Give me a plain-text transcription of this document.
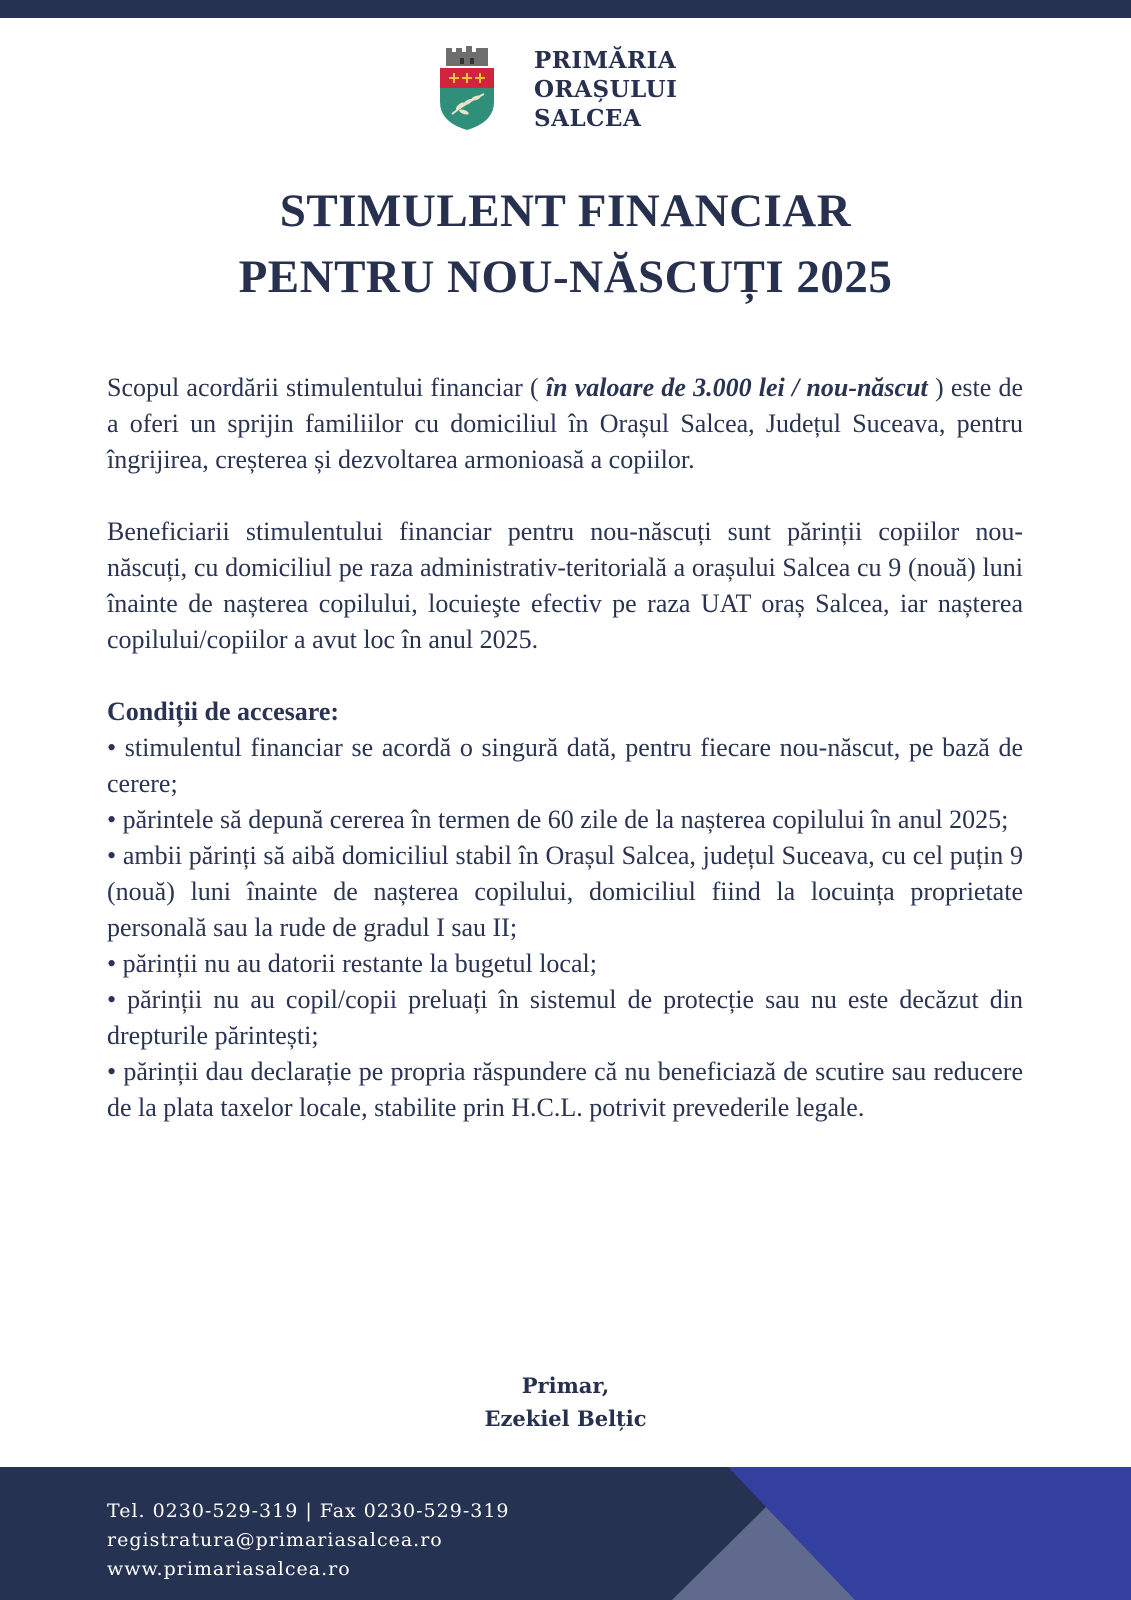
PRIMĂRIA
ORAȘULUI
SALCEA
STIMULENT FINANCIAR
PENTRU NOU-NĂSCUȚI 2025

Scopul acordării stimulentului financiar ( în valoare de 3.000 lei / nou-născut ) este de a oferi un sprijin familiilor cu domiciliul în Orașul Salcea, Județul Suceava, pentru îngrijirea, creșterea și dezvoltarea armonioasă a copiilor.

Beneficiarii stimulentului financiar pentru nou-născuți sunt părinții copiilor nou-născuți, cu domiciliul pe raza administrativ-teritorială a orașului Salcea cu 9 (nouă) luni înainte de nașterea copilului, locuieşte efectiv pe raza UAT oraș Salcea, iar nașterea copilului/copiilor a avut loc în anul 2025.

Condiții de accesare:

• stimulentul financiar se acordă o singură dată, pentru fiecare nou-născut, pe bază de cerere;

• părintele să depună cererea în termen de 60 zile de la nașterea copilului în anul 2025;

• ambii părinți să aibă domiciliul stabil în Orașul Salcea, județul Suceava, cu cel puțin 9 (nouă) luni înainte de nașterea copilului, domiciliul fiind la locuința proprietate personală sau la rude de gradul I sau II;

• părinții nu au datorii restante la bugetul local;

• părinții nu au copil/copii preluați în sistemul de protecție sau nu este decăzut din drepturile părintești;

• părinții dau declarație pe propria răspundere că nu beneficiază de scutire sau reducere de la plata taxelor locale, stabilite prin H.C.L. potrivit prevederile legale.

Primar,
Ezekiel Belțic
Tel. 0230-529-319 | Fax 0230-529-319
registratura@primariasalcea.ro
www.primariasalcea.ro
